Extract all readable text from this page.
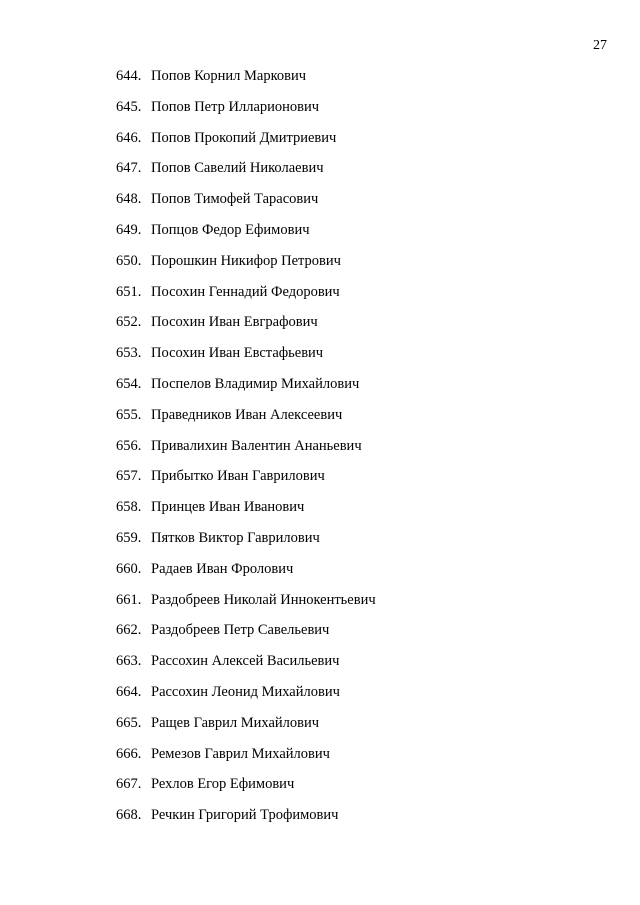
27
644. Попов Корнил Маркович
645. Попов Петр Илларионович
646. Попов Прокопий Дмитриевич
647. Попов Савелий Николаевич
648. Попов Тимофей Тарасович
649. Попцов Федор Ефимович
650. Порошкин Никифор Петрович
651. Посохин Геннадий Федорович
652. Посохин Иван Евграфович
653. Посохин Иван Евстафьевич
654. Поспелов Владимир Михайлович
655. Праведников Иван Алексеевич
656. Привалихин Валентин Ананьевич
657. Прибытко Иван Гаврилович
658. Принцев Иван Иванович
659. Пятков Виктор Гаврилович
660. Радаев Иван Фролович
661. Раздобреев Николай Иннокентьевич
662. Раздобреев Петр Савельевич
663. Рассохин Алексей Васильевич
664. Рассохин Леонид Михайлович
665. Ращев Гаврил Михайлович
666. Ремезов Гаврил Михайлович
667. Рехлов Егор Ефимович
668. Речкин Григорий Трофимович
